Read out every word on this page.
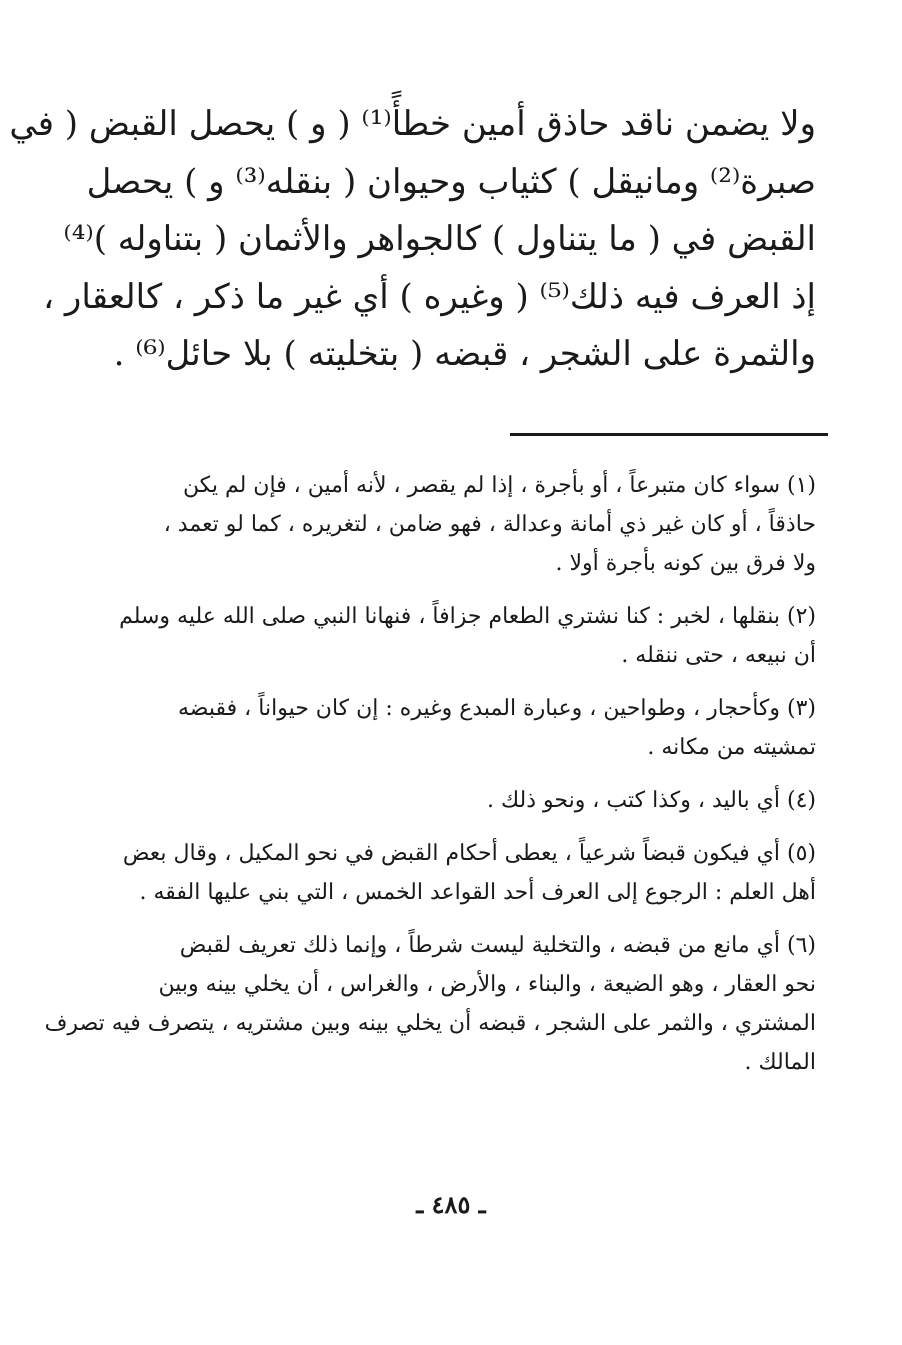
ولا يضمن ناقد حاذق أمين خطأً⁽¹⁾ ( و ) يحصل القبض ( في
صبرة⁽²⁾ ومانيقل ) كثياب وحيوان ( بنقله⁽³⁾ و ) يحصل
القبض في ( ما يتناول ) كالجواهر والأثمان ( بتناوله )⁽⁴⁾
إذ العرف فيه ذلك⁽⁵⁾ ( وغيره ) أي غير ما ذكر ، كالعقار ،
والثمرة على الشجر ، قبضه ( بتخليته ) بلا حائل⁽⁶⁾ .
(١) سواء كان متبرعاً ، أو بأجرة ، إذا لم يقصر ، لأنه أمين ، فإن لم يكن
حاذقاً ، أو كان غير ذي أمانة وعدالة ، فهو ضامن ، لتغريره ، كما لو تعمد ،
ولا فرق بين كونه بأجرة أولا .
(٢) بنقلها ، لخبر : كنا نشتري الطعام جزافاً ، فنهانا النبي صلى الله عليه وسلم
أن نبيعه ، حتى ننقله .
(٣) وكأحجار ، وطواحين ، وعبارة المبدع وغيره : إن كان حيواناً ، فقبضه
تمشيته من مكانه .
(٤) أي باليد ، وكذا كتب ، ونحو ذلك .
(٥) أي فيكون قبضاً شرعياً ، يعطى أحكام القبض في نحو المكيل ، وقال بعض
أهل العلم : الرجوع إلى العرف أحد القواعد الخمس ، التي بني عليها الفقه .
(٦) أي مانع من قبضه ، والتخلية ليست شرطاً ، وإنما ذلك تعريف لقبض
نحو العقار ، وهو الضيعة ، والبناء ، والأرض ، والغراس ، أن يخلي بينه وبين
المشتري ، والثمر على الشجر ، قبضه أن يخلي بينه وبين مشتريه ، يتصرف فيه تصرف
المالك .
ـ ٤٨٥ ـ
